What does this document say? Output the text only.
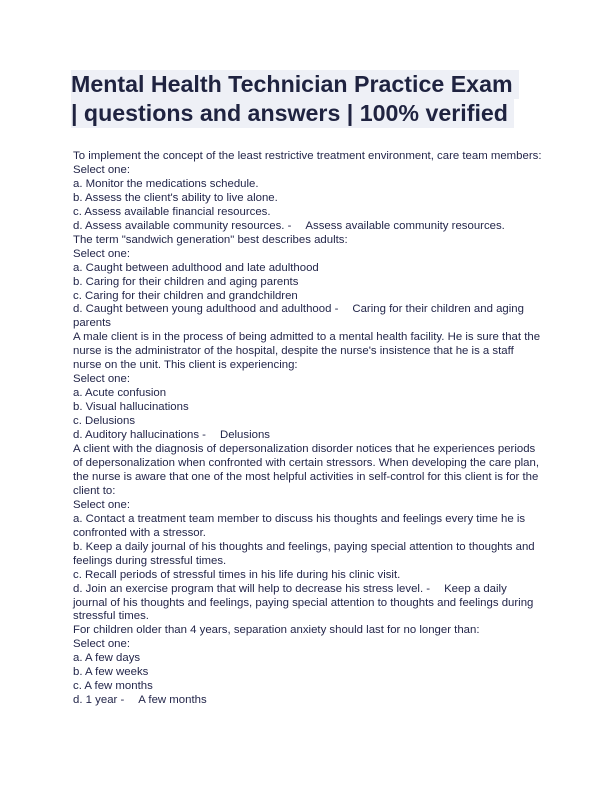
Mental Health Technician Practice Exam
| questions and answers | 100% verified

To implement the concept of the least restrictive treatment environment, care team members:

Select one:

a. Monitor the medications schedule.

b. Assess the client's ability to live alone.

c. Assess available financial resources.

d. Assess available community resources. - Assess available community resources.

The term "sandwich generation" best describes adults:

Select one:

a. Caught between adulthood and late adulthood

b. Caring for their children and aging parents

c. Caring for their children and grandchildren

d. Caught between young adulthood and adulthood - Caring for their children and aging parents

A male client is in the process of being admitted to a mental health facility. He is sure that the nurse is the administrator of the hospital, despite the nurse's insistence that he is a staff nurse on the unit. This client is experiencing:

Select one:

a. Acute confusion

b. Visual hallucinations

c. Delusions

d. Auditory hallucinations - Delusions

A client with the diagnosis of depersonalization disorder notices that he experiences periods of depersonalization when confronted with certain stressors. When developing the care plan, the nurse is aware that one of the most helpful activities in self-control for this client is for the client to:

Select one:

a. Contact a treatment team member to discuss his thoughts and feelings every time he is confronted with a stressor.

b. Keep a daily journal of his thoughts and feelings, paying special attention to thoughts and feelings during stressful times.

c. Recall periods of stressful times in his life during his clinic visit.

d. Join an exercise program that will help to decrease his stress level. - Keep a daily journal of his thoughts and feelings, paying special attention to thoughts and feelings during stressful times.

For children older than 4 years, separation anxiety should last for no longer than:

Select one:

a. A few days

b. A few weeks

c. A few months

d. 1 year - A few months
